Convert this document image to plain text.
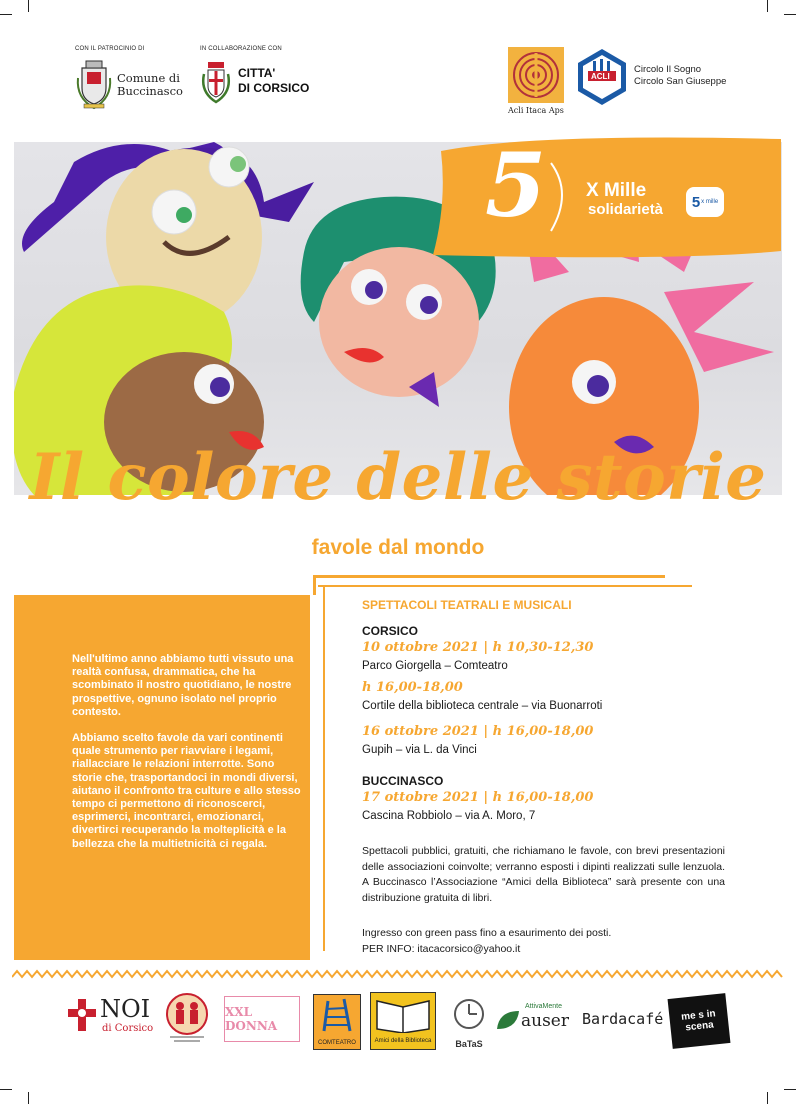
CON IL PATROCINIO DI
Comune di
Buccinasco
IN COLLABORAZIONE CON
CITTA'
DI CORSICO
Acli Itaca Aps
ACLI
Circolo Il Sogno
Circolo San Giuseppe
5 X Mille
solidarietà 5 x mille
Il colore delle storie
favole dal mondo

Nell'ultimo anno abbiamo tutti vissuto una realtà confusa, drammatica, che ha scombinato il nostro quotidiano, le nostre prospettive, ognuno isolato nel proprio contesto.

Abbiamo scelto favole da vari continenti quale strumento per riavviare i legami, riallacciare le relazioni interrotte. Sono storie che, trasportandoci in mondi diversi, aiutano il confronto tra culture e allo stesso tempo ci permettono di riconoscerci, esprimerci, incontrarci, emozionarci, divertirci recuperando la molteplicità e la bellezza che la multietnicità ci regala.

SPETTACOLI TEATRALI E MUSICALI
CORSICO
10 ottobre 2021 | h 10,30-12,30
Parco Giorgella – Comteatro
h 16,00-18,00
Cortile della biblioteca centrale – via Buonarroti
16 ottobre 2021 | h 16,00-18,00
Gupih – via L. da Vinci
BUCCINASCO
17 ottobre 2021 | h 16,00-18,00
Cascina Robbiolo – via A. Moro, 7
Spettacoli pubblici, gratuiti, che richiamano le favole, con brevi presentazioni delle associazioni coinvolte; verranno esposti i dipinti realizzati sulle lenzuola. A Buccinasco l’Associazione “Amici della Biblioteca” sarà presente con una distribuzione gratuita di libri.
Ingresso con green pass fino a esaurimento dei posti.
PER INFO: itacacorsico@yahoo.it
NOI
di Corsico
XXL DONNA
COMTEATRO	Amici della Biblioteca	BaTaS
AttivaMente
auser Bardacafé	me s in scena
